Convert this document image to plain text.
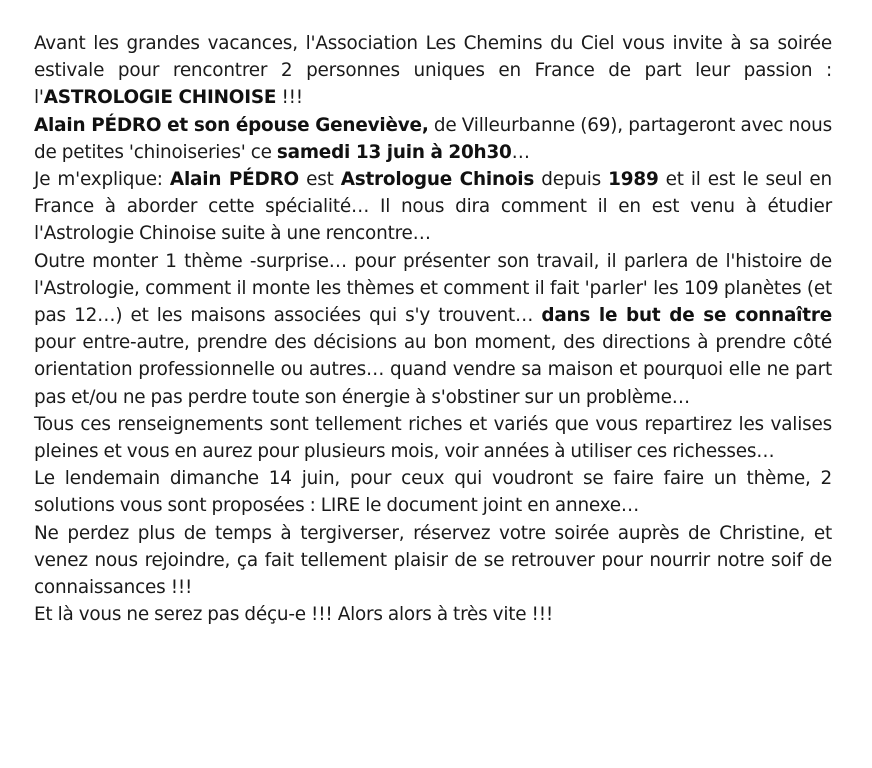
Avant les grandes vacances, l'Association Les Chemins du Ciel vous invite à sa soirée estivale pour rencontrer 2 personnes uniques en France de part leur passion : l'ASTROLOGIE CHINOISE !!!

Alain PÉDRO et son épouse Geneviève, de Villeurbanne (69), partageront avec nous de petites 'chinoiseries' ce samedi 13 juin à 20h30…

Je m'explique: Alain PÉDRO est Astrologue Chinois depuis 1989 et il est le seul en France à aborder cette spécialité… Il nous dira comment il en est venu à étudier l'Astrologie Chinoise suite à une rencontre…

Outre monter 1 thème -surprise… pour présenter son travail, il parlera de l'histoire de l'Astrologie, comment il monte les thèmes et comment il fait 'parler' les 109 planètes (et pas 12…) et les maisons associées qui s'y trouvent… dans le but de se connaître pour entre-autre, prendre des décisions au bon moment, des directions à prendre côté orientation professionnelle ou autres… quand vendre sa maison et pourquoi elle ne part pas et/ou ne pas perdre toute son énergie à s'obstiner sur un problème…

Tous ces renseignements sont tellement riches et variés que vous repartirez les valises pleines et vous en aurez pour plusieurs mois, voir années à utiliser ces richesses…

Le lendemain dimanche 14 juin, pour ceux qui voudront se faire faire un thème, 2 solutions vous sont proposées : LIRE le document joint en annexe…

Ne perdez plus de temps à tergiverser, réservez votre soirée auprès de Christine, et venez nous rejoindre, ça fait tellement plaisir de se retrouver pour nourrir notre soif de connaissances !!!

Et là vous ne serez pas déçu-e !!! Alors alors à très vite !!!
